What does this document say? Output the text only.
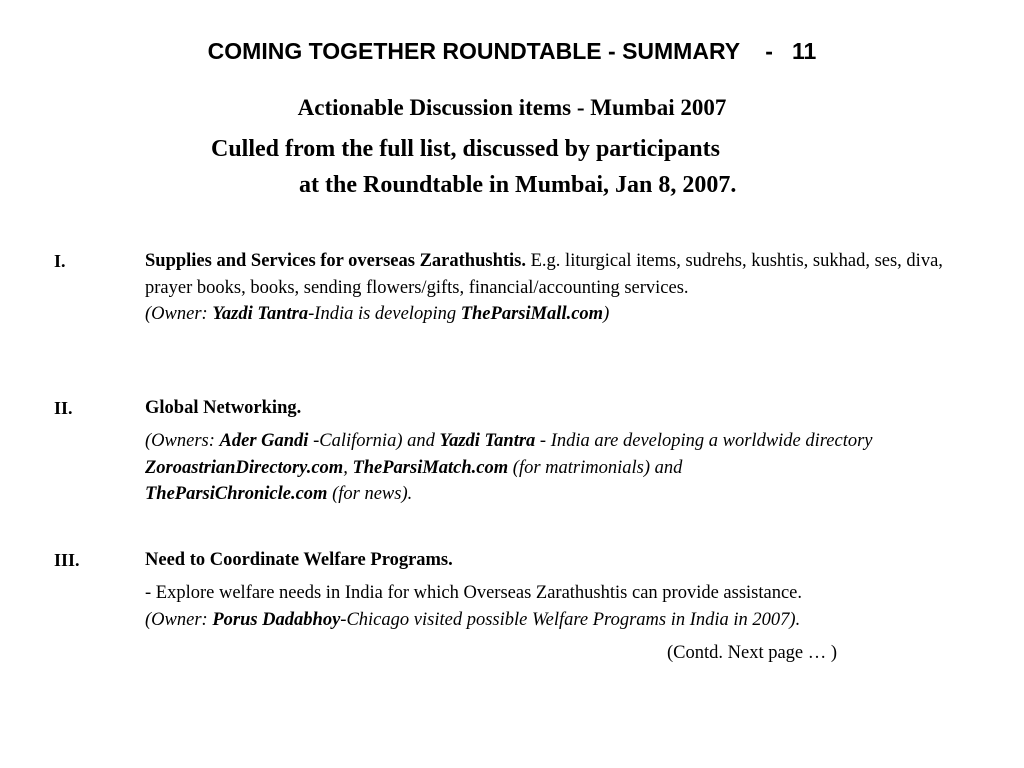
COMING TOGETHER ROUNDTABLE - SUMMARY    -   11
Actionable Discussion items - Mumbai 2007
Culled from the full list, discussed by participants
at the Roundtable in Mumbai, Jan 8, 2007.
I.	Supplies and Services for overseas Zarathushtis. E.g. liturgical items, sudrehs, kushtis, sukhad, ses, diva, prayer books, books, sending flowers/gifts, financial/accounting services.
(Owner: Yazdi Tantra-India is developing TheParsiMall.com)
II.	Global Networking.
(Owners: Ader Gandi -California) and Yazdi Tantra - India are developing a worldwide directory ZoroastrianDirectory.com, TheParsiMatch.com (for matrimonials) and
TheParsiChronicle.com (for news).
III.	Need to Coordinate Welfare Programs.
- Explore welfare needs in India for which Overseas Zarathushtis can provide assistance.
(Owner: Porus Dadabhoy-Chicago visited possible Welfare Programs in India in 2007).
(Contd. Next page … )
